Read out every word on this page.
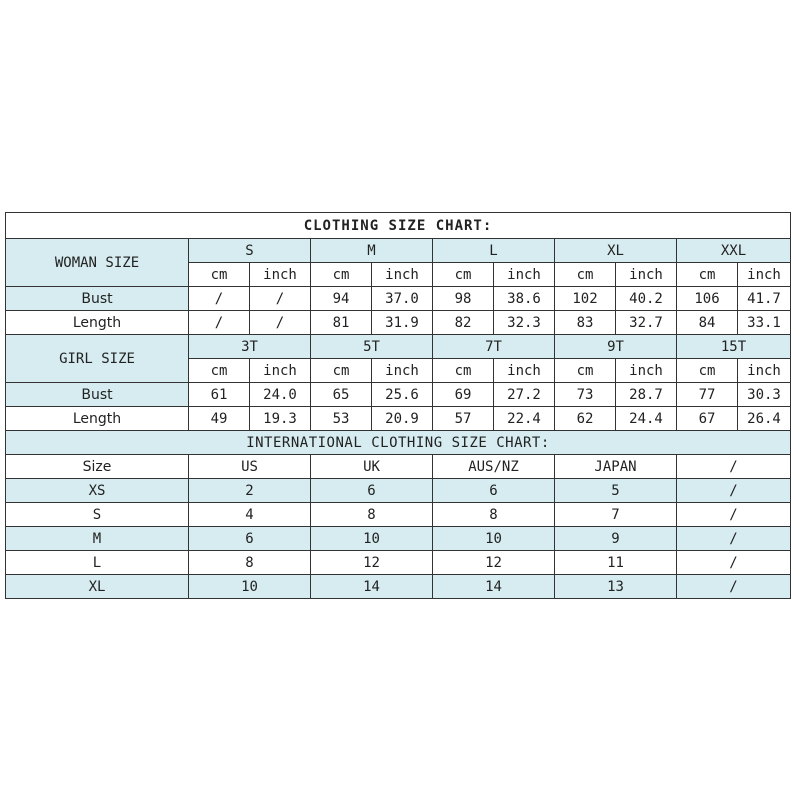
CLOTHING SIZE CHART:										
WOMAN SIZE	S		M		L		XL		XXL	
	cm	inch	cm	inch	cm	inch	cm	inch	cm	inch
Bust	/	/	94	37.0	98	38.6	102	40.2	106	41.7
Length	/	/	81	31.9	82	32.3	83	32.7	84	33.1
GIRL SIZE	3T		5T		7T		9T		15T	
	cm	inch	cm	inch	cm	inch	cm	inch	cm	inch
Bust	61	24.0	65	25.6	69	27.2	73	28.7	77	30.3
Length	49	19.3	53	20.9	57	22.4	62	24.4	67	26.4
INTERNATIONAL CLOTHING SIZE CHART:										
Size	US		UK		AUS/NZ		JAPAN		/	
XS	2		6		6		5		/	
S	4		8		8		7		/	
M	6		10		10		9		/	
L	8		12		12		11		/	
XL	10		14		14		13		/	
